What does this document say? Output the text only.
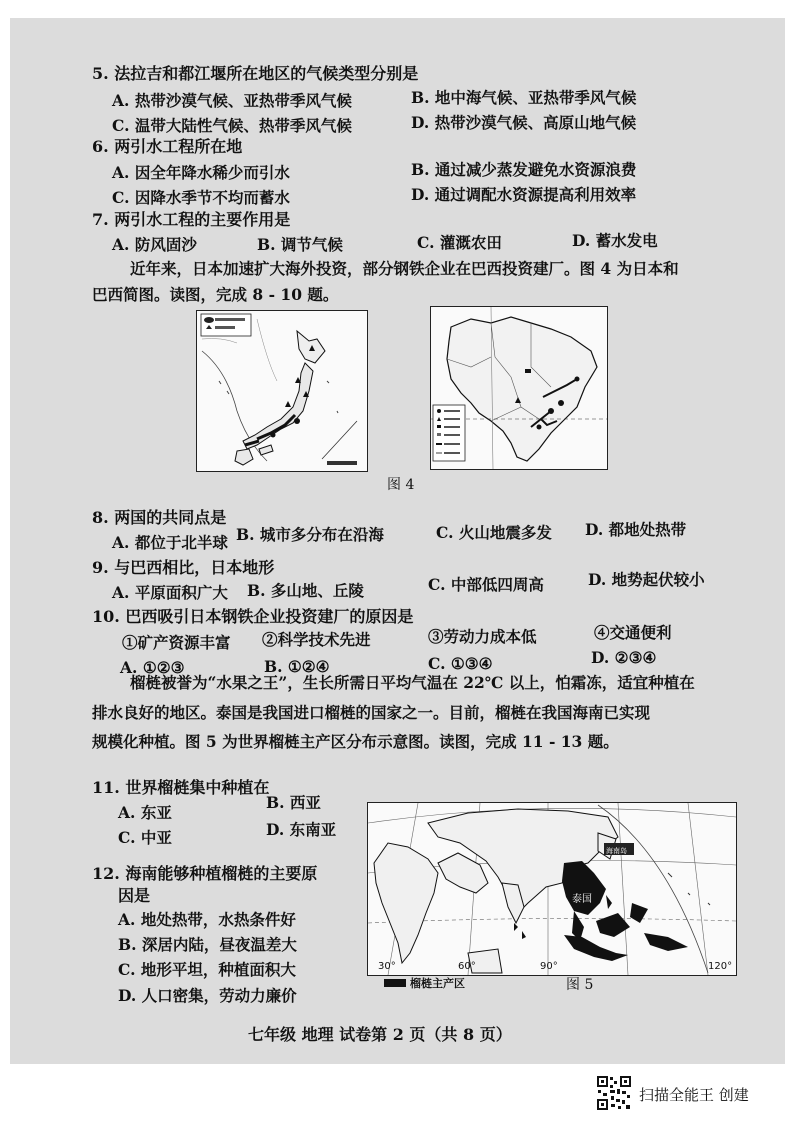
5. 法拉吉和都江堰所在地区的气候类型分别是
A. 热带沙漠气候、亚热带季风气候	B. 地中海气候、亚热带季风气候
C. 温带大陆性气候、热带季风气候	D. 热带沙漠气候、高原山地气候
6. 两引水工程所在地
A. 因全年降水稀少而引水	B. 通过减少蒸发避免水资源浪费
C. 因降水季节不均而蓄水	D. 通过调配水资源提高利用效率
7. 两引水工程的主要作用是
A. 防风固沙	B. 调节气候	C. 灌溉农田	D. 蓄水发电
近年来，日本加速扩大海外投资，部分钢铁企业在巴西投资建厂。图 4 为日本和
巴西简图。读图，完成 8 - 10 题。
图 4
8. 两国的共同点是
A. 都位于北半球 B. 城市多分布在沿海	C. 火山地震多发 D. 都地处热带
9. 与巴西相比，日本地形
A. 平原面积广大 B. 多山地、丘陵	C. 中部低四周高	D. 地势起伏较小
10. 巴西吸引日本钢铁企业投资建厂的原因是
①矿产资源丰富 ②科学技术先进	③劳动力成本低	④交通便利
A. ①②③	B. ①②④	C. ①③④	D. ②③④
榴梿被誉为“水果之王”，生长所需日平均气温在 22℃ 以上，怕霜冻，适宜种植在
排水良好的地区。泰国是我国进口榴梿的国家之一。目前，榴梿在我国海南已实现
规模化种植。图 5 为世界榴梿主产区分布示意图。读图，完成 11 - 13 题。
11. 世界榴梿集中种植在
A. 东亚
B. 西亚
C. 中亚	D. 东南亚
12. 海南能够种植榴梿的主要原
因是
A. 地处热带，水热条件好
B. 深居内陆，昼夜温差大
C. 地形平坦，种植面积大
D. 人口密集，劳动力廉价
泰国
海南岛
30°	60°	90°	120°
榴梿主产区	图 5
七年级 地理 试卷第 2 页（共 8 页）
扫描全能王 创建
